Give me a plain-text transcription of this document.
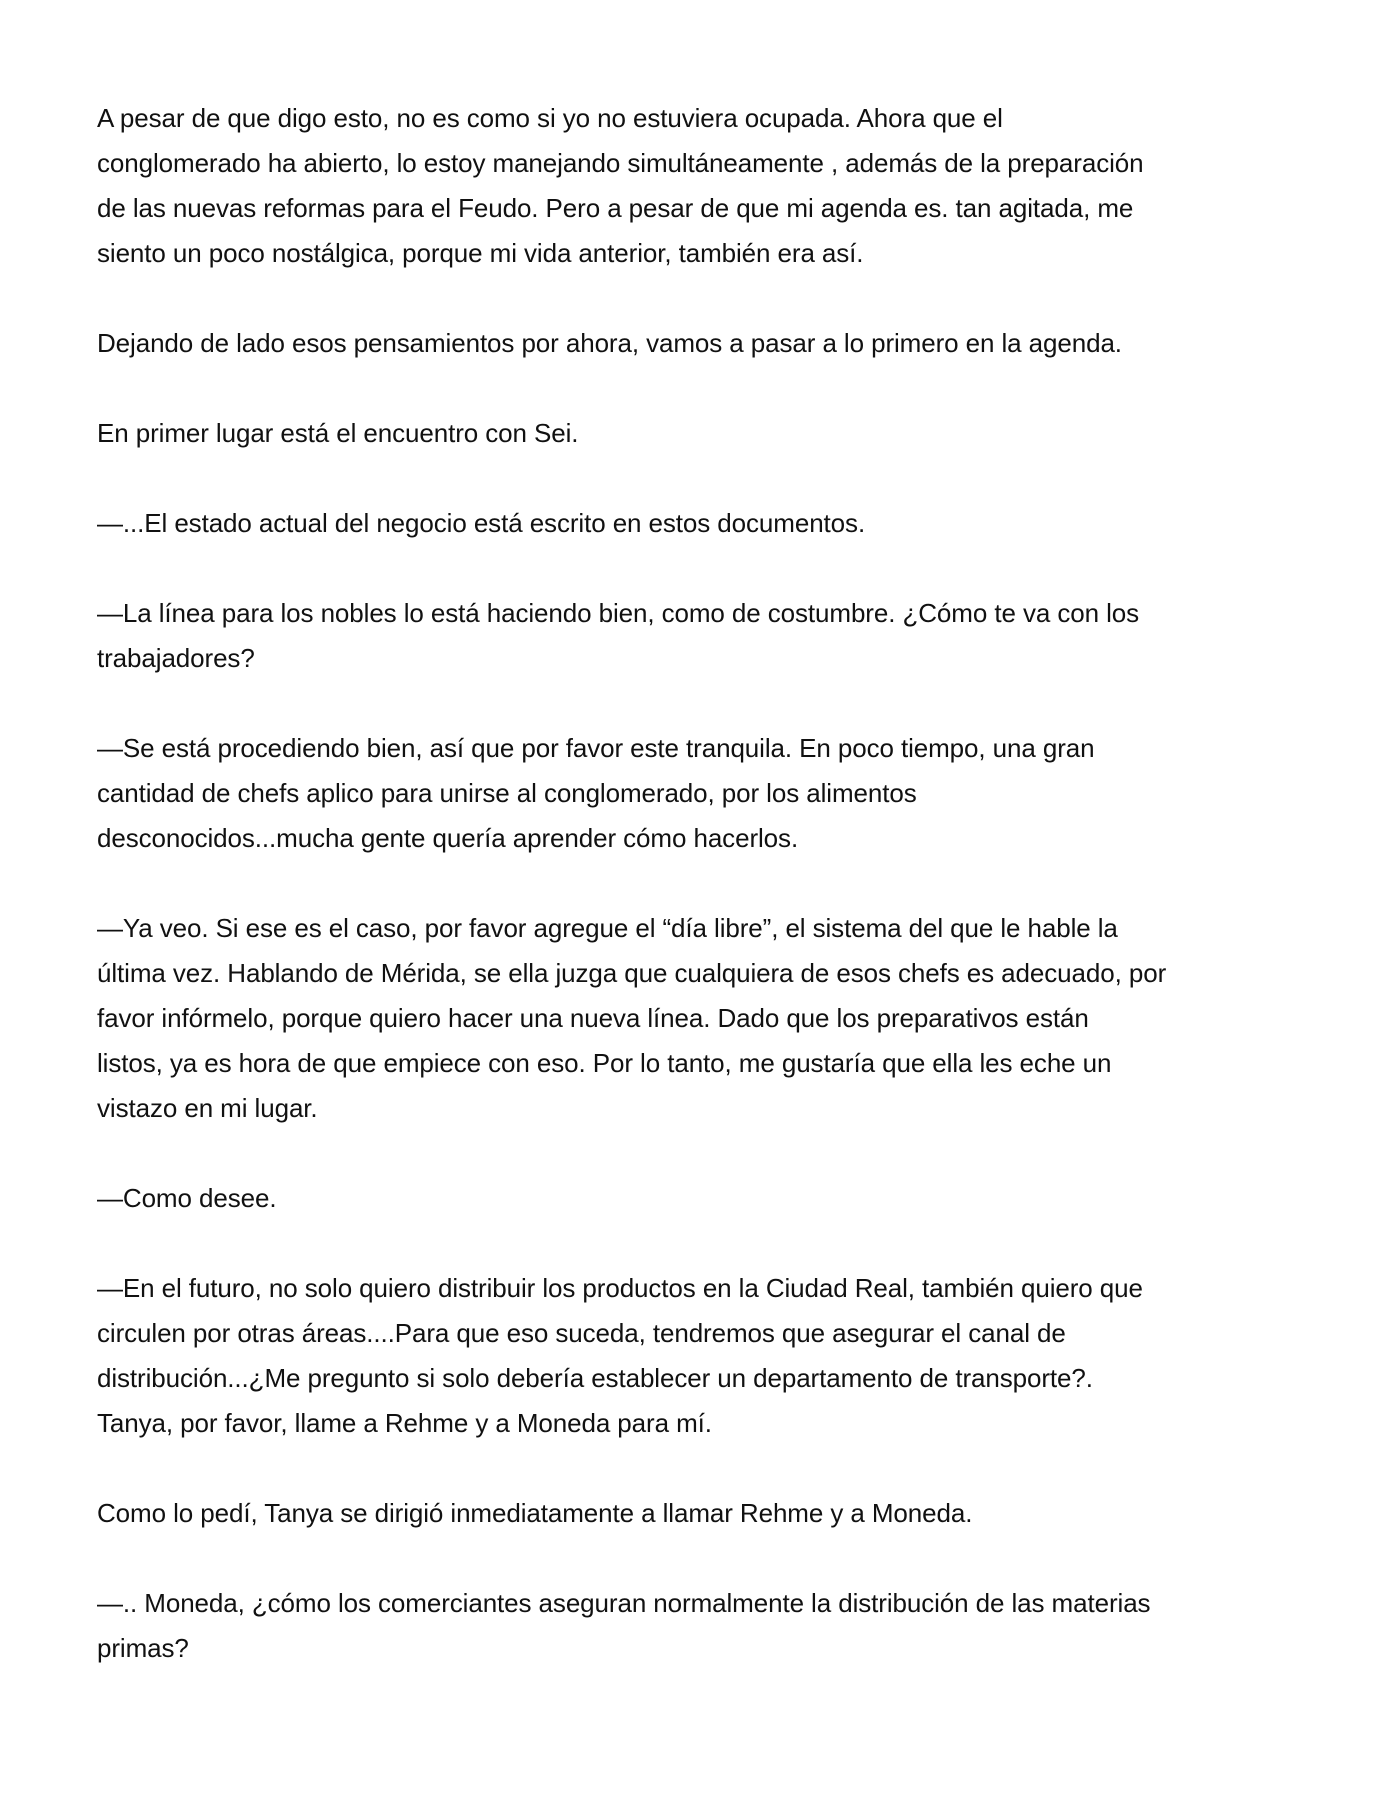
A pesar de que digo esto, no es como si yo no estuviera ocupada. Ahora que el
conglomerado ha abierto, lo estoy manejando simultáneamente , además de la preparación
de las nuevas reformas para el Feudo. Pero a pesar de que mi agenda es. tan agitada, me
siento un poco nostálgica, porque mi vida anterior, también era así.

Dejando de lado esos pensamientos por ahora, vamos a pasar a lo primero en la agenda.

En primer lugar está el encuentro con Sei.

—...El estado actual del negocio está escrito en estos documentos.

—La línea para los nobles lo está haciendo bien, como de costumbre. ¿Cómo te va con los
trabajadores?

—Se está procediendo bien, así que por favor este tranquila. En poco tiempo, una gran
cantidad de chefs aplico para unirse al conglomerado, por los alimentos
desconocidos...mucha gente quería aprender cómo hacerlos.

—Ya veo. Si ese es el caso, por favor agregue el “día libre”, el sistema del que le hable la
última vez. Hablando de Mérida, se ella juzga que cualquiera de esos chefs es adecuado, por
favor infórmelo, porque quiero hacer una nueva línea. Dado que los preparativos están
listos, ya es hora de que empiece con eso. Por lo tanto, me gustaría que ella les eche un
vistazo en mi lugar.

—Como desee.

—En el futuro, no solo quiero distribuir los productos en la Ciudad Real, también quiero que
circulen por otras áreas....Para que eso suceda, tendremos que asegurar el canal de
distribución...¿Me pregunto si solo debería establecer un departamento de transporte?.
Tanya, por favor, llame a Rehme y a Moneda para mí.

Como lo pedí, Tanya se dirigió inmediatamente a llamar Rehme y a Moneda.

—.. Moneda, ¿cómo los comerciantes aseguran normalmente la distribución de las materias
primas?
